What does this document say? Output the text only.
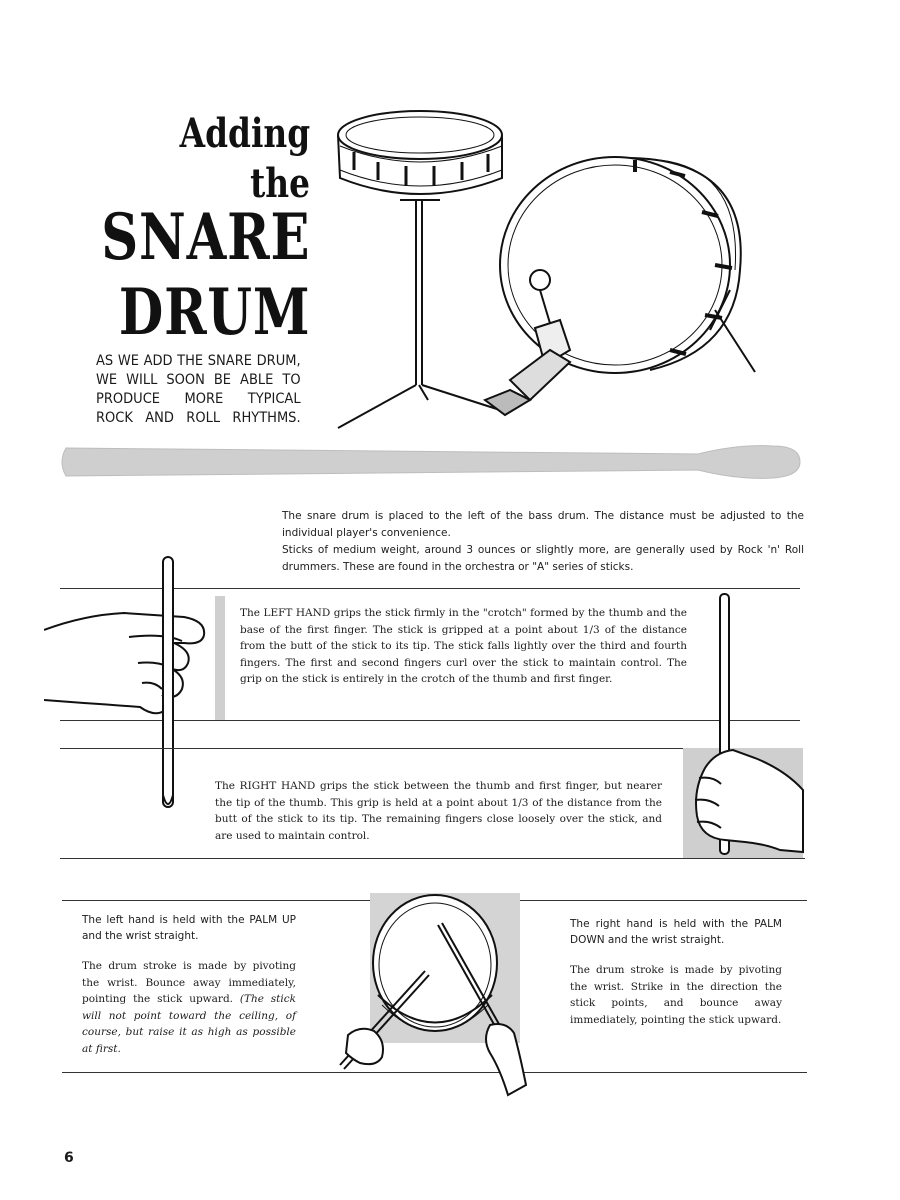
Adding
the
SNARE
DRUM
AS WE ADD THE SNARE DRUM,
WE WILL SOON BE ABLE TO
PRODUCE MORE TYPICAL
ROCK AND ROLL RHYTHMS.
The snare drum is placed to the left of the bass drum. The distance must be adjusted to the individual player's convenience.
Sticks of medium weight, around 3 ounces or slightly more, are generally used by Rock 'n' Roll drummers. These are found in the orchestra or "A" series of sticks.
The LEFT HAND grips the stick firmly in the "crotch" formed by the thumb and the base of the first finger. The stick is gripped at a point about 1/3 of the distance from the butt of the stick to its tip. The stick falls lightly over the third and fourth fingers. The first and second fingers curl over the stick to maintain control. The grip on the stick is entirely in the crotch of the thumb and first finger.
The RIGHT HAND grips the stick between the thumb and first finger, but nearer the tip of the thumb. This grip is held at a point about 1/3 of the distance from the butt of the stick to its tip. The remaining fingers close loosely over the stick, and are used to maintain control.
The left hand is held with the PALM UP and the wrist straight.
The drum stroke is made by pivoting the wrist. Bounce away immediately, pointing the stick upward. (The stick will not point toward the ceiling, of course, but raise it as high as possible at first.
The right hand is held with the PALM DOWN and the wrist straight.
The drum stroke is made by pivoting the wrist. Strike in the direction the stick points, and bounce away immediately, pointing the stick upward.
6
